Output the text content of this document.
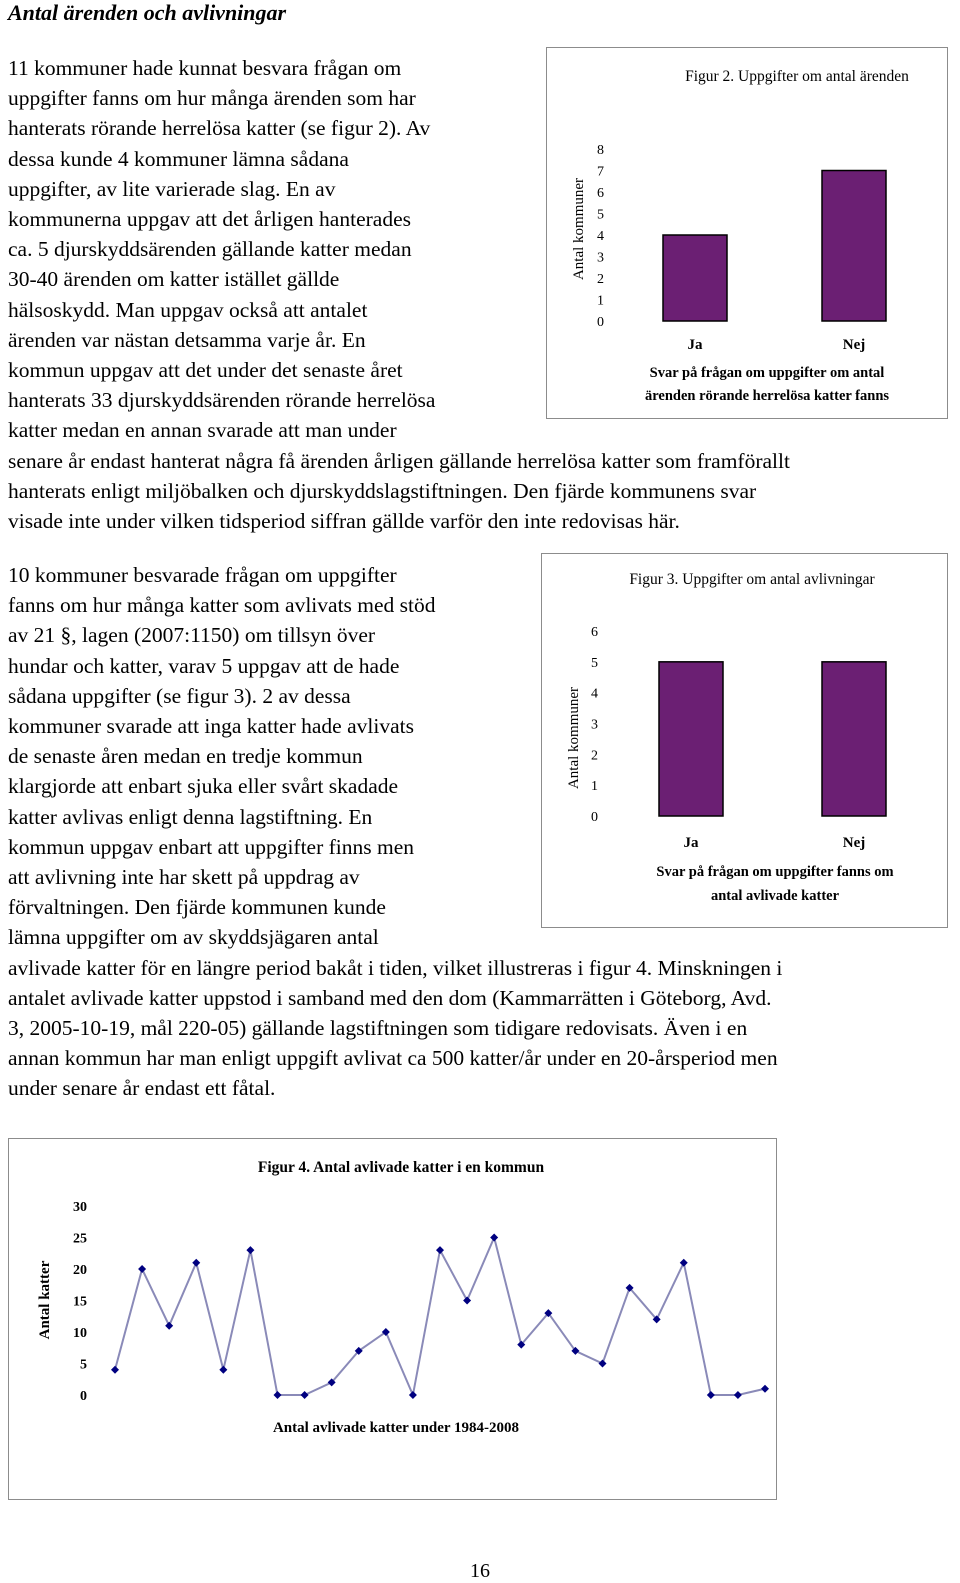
Antal ärenden och avlivningar
11 kommuner hade kunnat besvara frågan om
uppgifter fanns om hur många ärenden som har
hanterats rörande herrelösa katter (se figur 2). Av
dessa kunde 4 kommuner lämna sådana
uppgifter, av lite varierade slag. En av
kommunerna uppgav att det årligen hanterades
ca. 5 djurskyddsärenden gällande katter medan
30-40 ärenden om katter istället gällde
hälsoskydd. Man uppgav också att antalet
ärenden var nästan detsamma varje år. En
kommun uppgav att det under det senaste året
hanterats 33 djurskyddsärenden rörande herrelösa
katter medan en annan svarade att man under
senare år endast hanterat några få ärenden årligen gällande herrelösa katter som framförallt
hanterats enligt miljöbalken och djurskyddslagstiftningen. Den fjärde kommunens svar
visade inte under vilken tidsperiod siffran gällde varför den inte redovisas här.
Figur 2. Uppgifter om antal ärenden
Antal kommuner
0
1
2
3
4
5
6
7
8
Ja	Nej
Svar på frågan om uppgifter om antal
ärenden rörande herrelösa katter fanns
10 kommuner besvarade frågan om uppgifter
fanns om hur många katter som avlivats med stöd
av 21 §, lagen (2007:1150) om tillsyn över
hundar och katter, varav 5 uppgav att de hade
sådana uppgifter (se figur 3). 2 av dessa
kommuner svarade att inga katter hade avlivats
de senaste åren medan en tredje kommun
klargjorde att enbart sjuka eller svårt skadade
katter avlivas enligt denna lagstiftning. En
kommun uppgav enbart att uppgifter finns men
att avlivning inte har skett på uppdrag av
förvaltningen. Den fjärde kommunen kunde
lämna uppgifter om av skyddsjägaren antal
avlivade katter för en längre period bakåt i tiden, vilket illustreras i figur 4. Minskningen i
antalet avlivade katter uppstod i samband med den dom (Kammarrätten i Göteborg, Avd.
3, 2005-10-19, mål 220-05) gällande lagstiftningen som tidigare redovisats. Även i en
annan kommun har man enligt uppgift avlivat ca 500 katter/år under en 20-årsperiod men
under senare år endast ett fåtal.
Figur 3. Uppgifter om antal avlivningar
Antal kommuner
0
1
2
3
4
5
6
Ja	Nej
Svar på frågan om uppgifter fanns om
antal avlivade katter
Figur 4. Antal avlivade katter i en kommun
Antal katter
0
5
10
15
20
25
30
Antal avlivade katter under 1984-2008
16
